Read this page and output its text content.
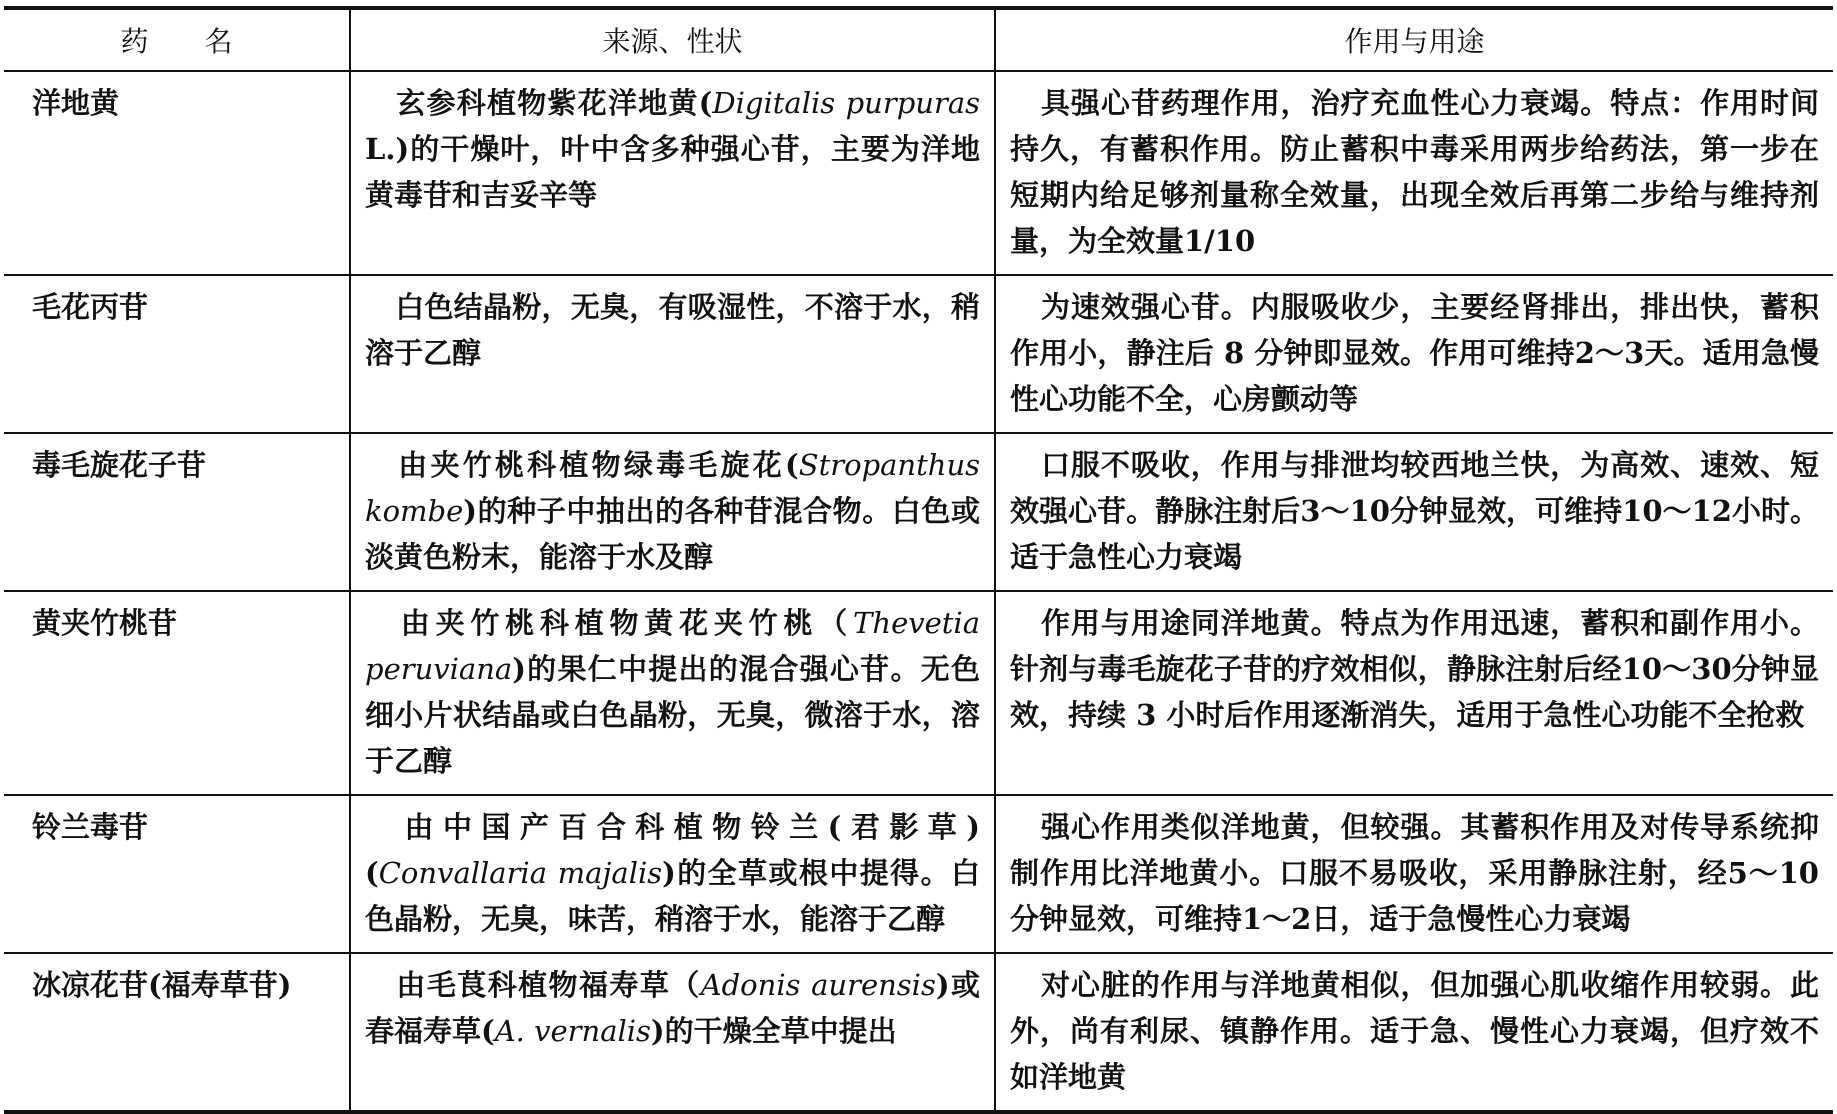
药　　名	来源、性状	作用与用途
洋地黄	玄参科植物紫花洋地黄(Digitalis purpuras L.)的干燥叶，叶中含多种强心苷，主要为洋地黄毒苷和吉妥辛等	具强心苷药理作用，治疗充血性心力衰竭。特点：作用时间持久，有蓄积作用。防止蓄积中毒采用两步给药法，第一步在短期内给足够剂量称全效量，出现全效后再第二步给与维持剂量，为全效量1/10
毛花丙苷	白色结晶粉，无臭，有吸湿性，不溶于水，稍溶于乙醇	为速效强心苷。内服吸收少，主要经肾排出，排出快，蓄积作用小，静注后 8 分钟即显效。作用可维持2～3天。适用急慢性心功能不全，心房颤动等
毒毛旋花子苷	由夹竹桃科植物绿毒毛旋花(Stropanthus kombe)的种子中抽出的各种苷混合物。白色或淡黄色粉末，能溶于水及醇	口服不吸收，作用与排泄均较西地兰快，为高效、速效、短效强心苷。静脉注射后3～10分钟显效，可维持10～12小时。适于急性心力衰竭
黄夹竹桃苷	由夹竹桃科植物黄花夹竹桃（Thevetia peruviana)的果仁中提出的混合强心苷。无色细小片状结晶或白色晶粉，无臭，微溶于水，溶于乙醇	作用与用途同洋地黄。特点为作用迅速，蓄积和副作用小。针剂与毒毛旋花子苷的疗效相似，静脉注射后经10～30分钟显效，持续 3 小时后作用逐渐消失，适用于急性心功能不全抢救
铃兰毒苷	由中国产百合科植物铃兰(君影草)(Convallaria majalis)的全草或根中提得。白色晶粉，无臭，味苦，稍溶于水，能溶于乙醇	强心作用类似洋地黄，但较强。其蓄积作用及对传导系统抑制作用比洋地黄小。口服不易吸收，采用静脉注射，经5～10分钟显效，可维持1～2日，适于急慢性心力衰竭
冰凉花苷(福寿草苷)	由毛茛科植物福寿草（Adonis aurensis)或春福寿草(A. vernalis)的干燥全草中提出	对心脏的作用与洋地黄相似，但加强心肌收缩作用较弱。此外，尚有利尿、镇静作用。适于急、慢性心力衰竭，但疗效不如洋地黄
